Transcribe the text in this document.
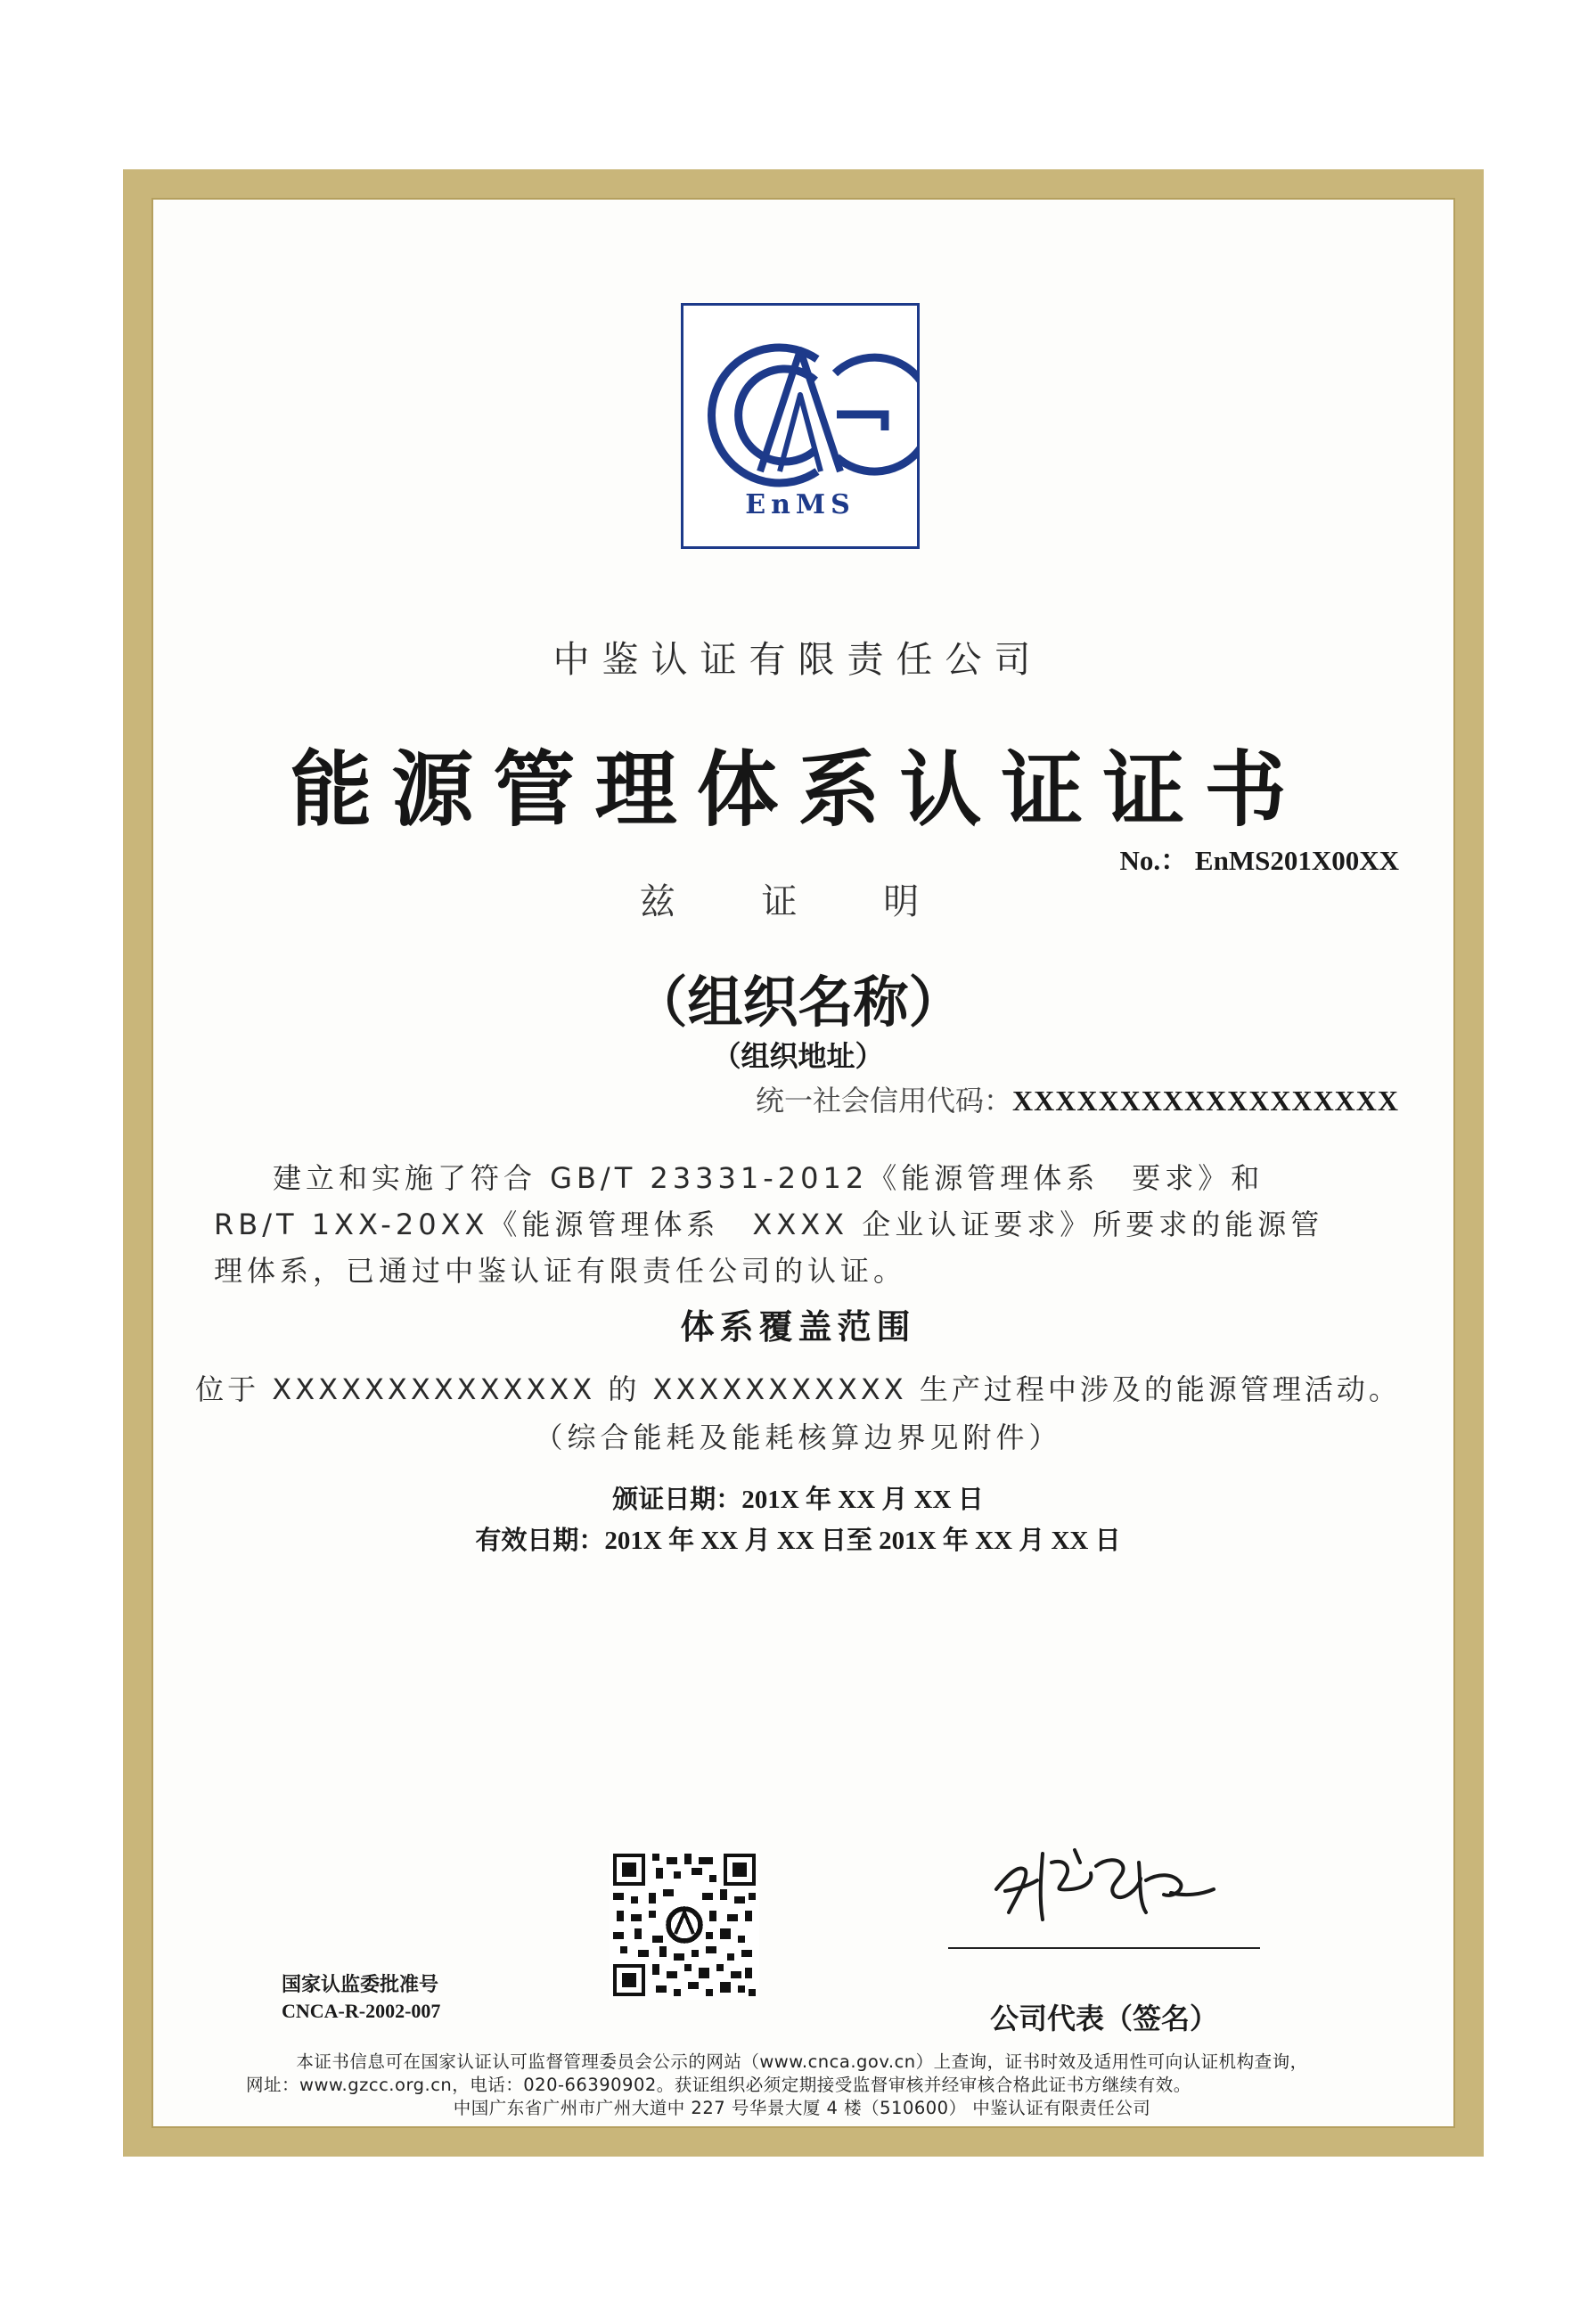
EnMS
中鉴认证有限责任公司
能源管理体系认证证书
No.： EnMS201X00XX
兹 证 明
（组织名称）
（组织地址）
统一社会信用代码：XXXXXXXXXXXXXXXXXX
建立和实施了符合 GB/T 23331-2012《能源管理体系　要求》和
RB/T 1XX-20XX《能源管理体系　XXXX 企业认证要求》所要求的能源管
理体系，已通过中鉴认证有限责任公司的认证。
体系覆盖范围
位于 XXXXXXXXXXXXXX 的 XXXXXXXXXXX 生产过程中涉及的能源管理活动。
（综合能耗及能耗核算边界见附件）
颁证日期：201X 年 XX 月 XX 日
有效日期：201X 年 XX 月 XX 日至 201X 年 XX 月 XX 日
国家认监委批准号
CNCA-R-2002-007	公司代表（签名）
本证书信息可在国家认证认可监督管理委员会公示的网站（www.cnca.gov.cn）上查询，证书时效及适用性可向认证机构查询，
网址：www.gzcc.org.cn，电话：020-66390902。获证组织必须定期接受监督审核并经审核合格此证书方继续有效。
中国广东省广州市广州大道中 227 号华景大厦 4 楼（510600） 中鉴认证有限责任公司
